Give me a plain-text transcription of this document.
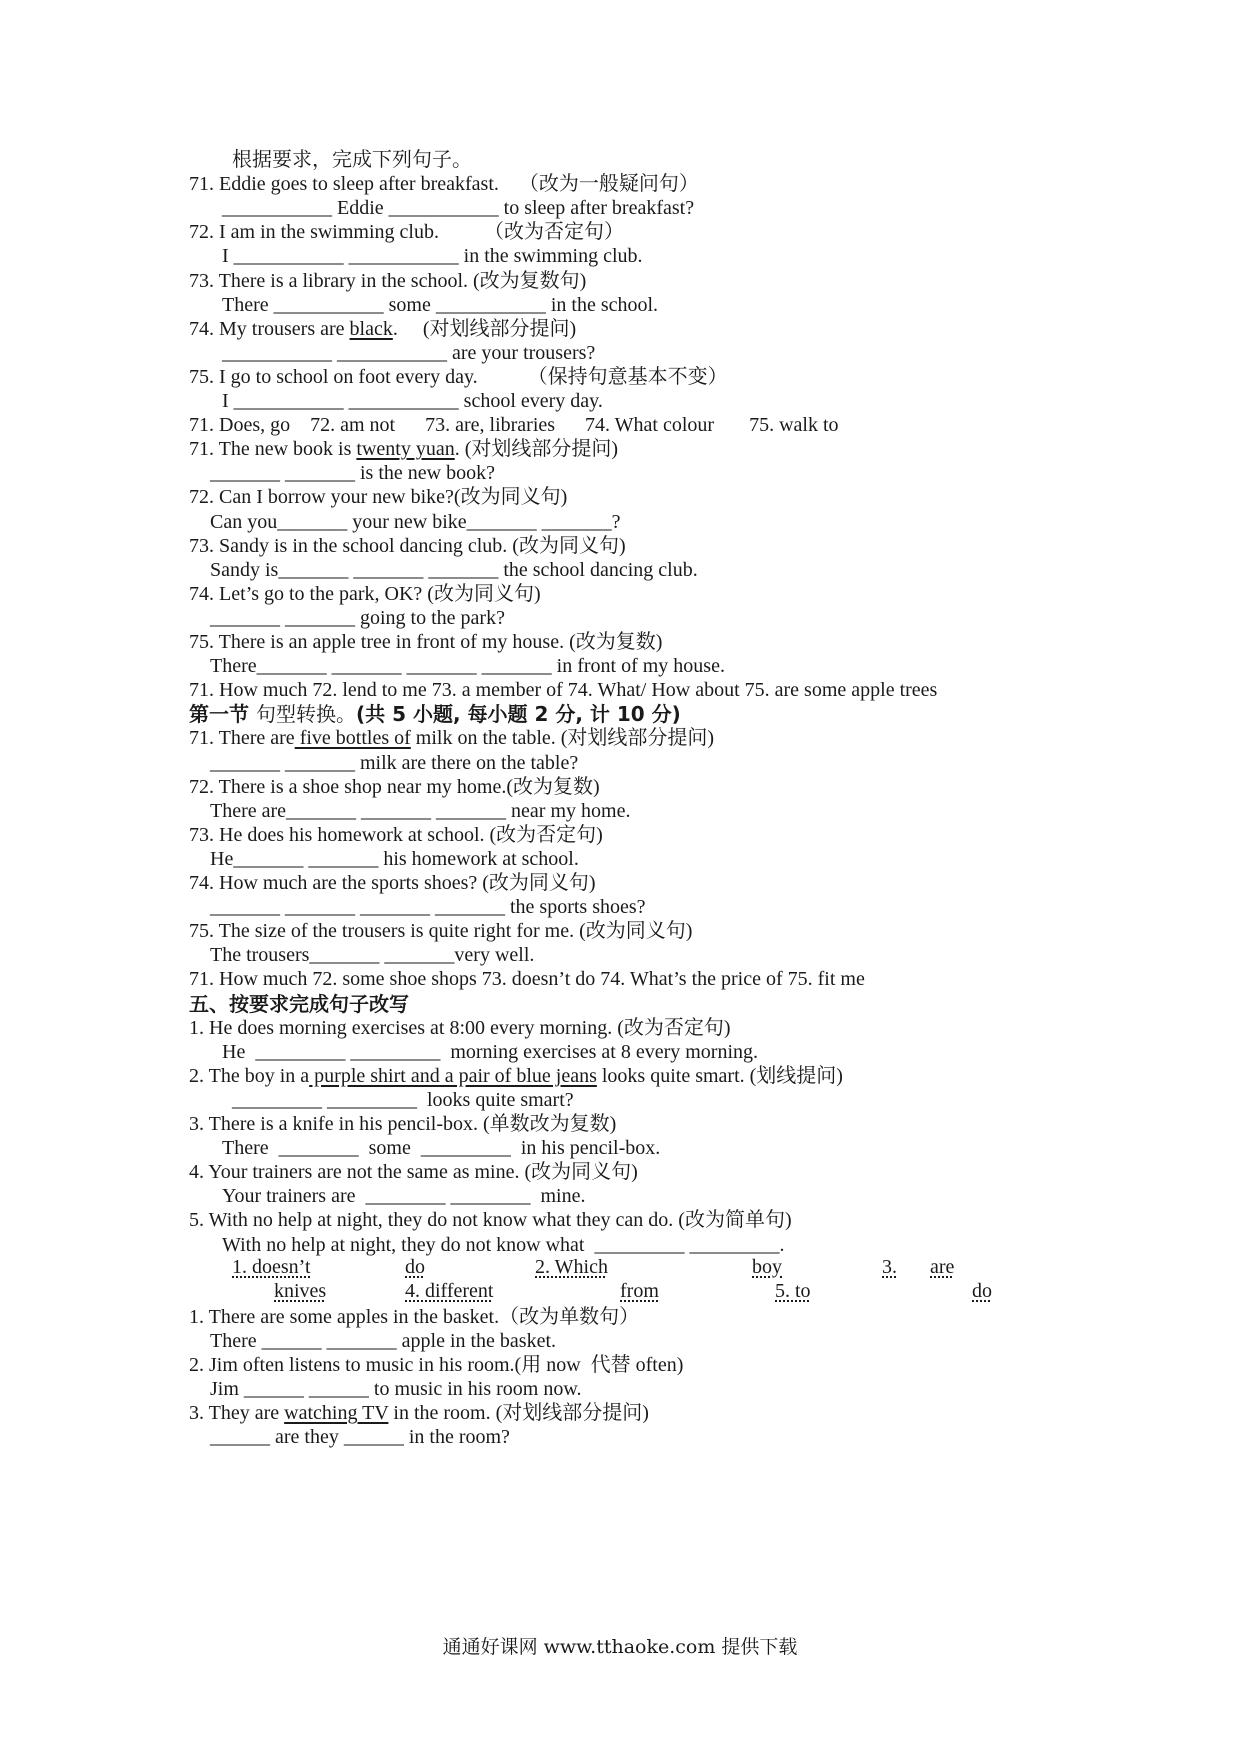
根据要求，完成下列句子。
71. Eddie goes to sleep after breakfast.    （改为一般疑问句）
___________ Eddie ___________ to sleep after breakfast?
72. I am in the swimming club.         （改为否定句）
I ___________ ___________ in the swimming club.
73. There is a library in the school. (改为复数句)
There ___________ some ___________ in the school.
74. My trousers are black.     (对划线部分提问)
___________ ___________ are your trousers?
75. I go to school on foot every day.          （保持句意基本不变）
I ___________ ___________ school every day.
71. Does, go    72. am not      73. are, libraries      74. What colour       75. walk to
71. The new book is twenty yuan. (对划线部分提问)
_______ _______ is the new book?
72. Can I borrow your new bike?(改为同义句)
Can you_______ your new bike_______ _______?
73. Sandy is in the school dancing club. (改为同义句)
Sandy is_______ _______ _______ the school dancing club.
74. Let’s go to the park, OK? (改为同义句)
_______ _______ going to the park?
75. There is an apple tree in front of my house. (改为复数)
There_______ _______ _______ _______ in front of my house.
71. How much 72. lend to me 73. a member of 74. What/ How about 75. are some apple trees
第一节 句型转换。(共 5 小题, 每小题 2 分, 计 10 分)
71. There are five bottles of milk on the table. (对划线部分提问)
_______ _______ milk are there on the table?
72. There is a shoe shop near my home.(改为复数)
There are_______ _______ _______ near my home.
73. He does his homework at school. (改为否定句)
He_______ _______ his homework at school.
74. How much are the sports shoes? (改为同义句)
_______ _______ _______ _______ the sports shoes?
75. The size of the trousers is quite right for me. (改为同义句)
The trousers_______ _______very well.
71. How much 72. some shoe shops 73. doesn’t do 74. What’s the price of 75. fit me
五、按要求完成句子改写
1. He does morning exercises at 8:00 every morning. (改为否定句)
He  _________ _________  morning exercises at 8 every morning.
2. The boy in a purple shirt and a pair of blue jeans looks quite smart. (划线提问)
_________ _________  looks quite smart?
3. There is a knife in his pencil-box. (单数改为复数)
There  ________  some  _________  in his pencil-box.
4. Your trainers are not the same as mine. (改为同义句)
Your trainers are  ________ ________  mine.
5. With no help at night, they do not know what they can do. (改为简单句)
With no help at night, they do not know what  _________ _________.
1. doesn’t	do	2. Which	boy	3. are
knives	4. different	from	5. to	do
1. There are some apples in the basket.（改为单数句）
There ______ _______ apple in the basket.
2. Jim often listens to music in his room.(用 now  代替 often)
Jim ______ ______ to music in his room now.
3. They are watching TV in the room. (对划线部分提问)
______ are they ______ in the room?
通通好课网 www.tthaoke.com 提供下载
